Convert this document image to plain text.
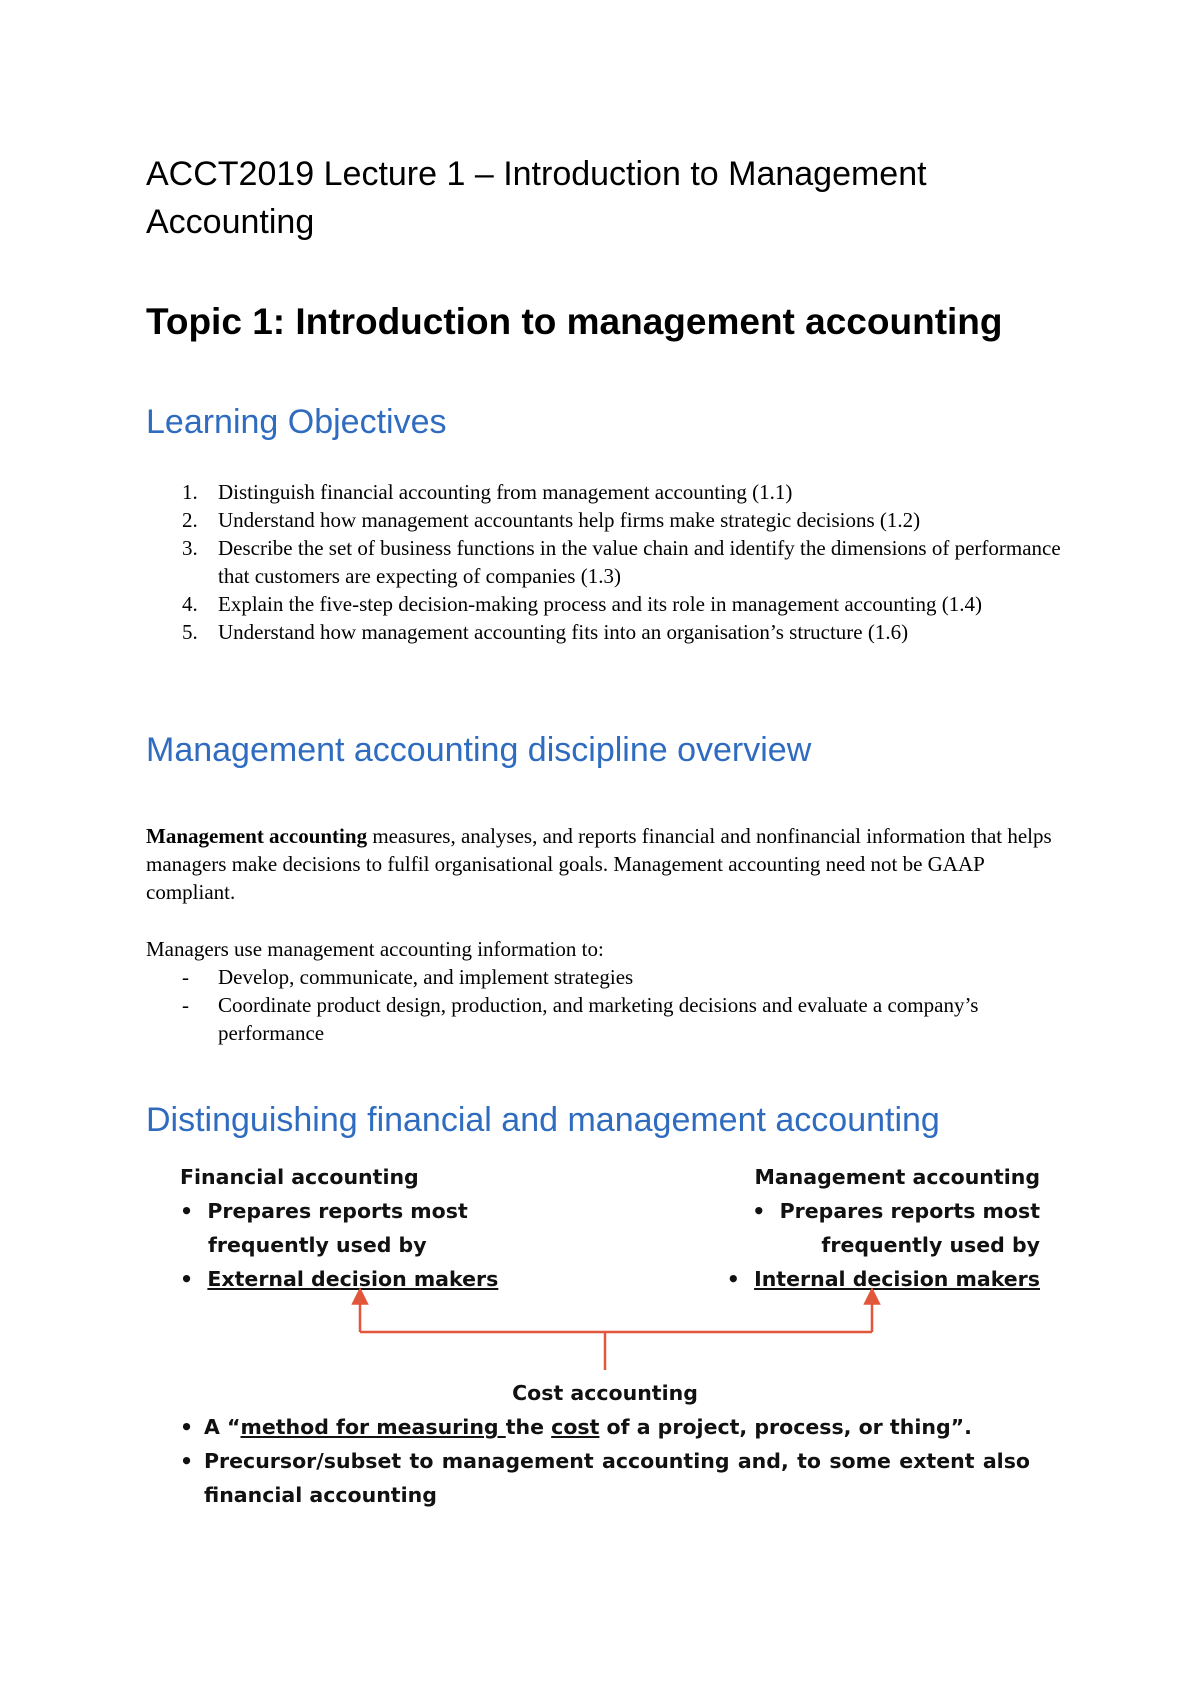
ACCT2019 Lecture 1 – Introduction to Management Accounting
Topic 1: Introduction to management accounting
Learning Objectives
1. Distinguish financial accounting from management accounting (1.1)
2. Understand how management accountants help firms make strategic decisions (1.2)
3. Describe the set of business functions in the value chain and identify the dimensions of performance that customers are expecting of companies (1.3)
4. Explain the five-step decision-making process and its role in management accounting (1.4)
5. Understand how management accounting fits into an organisation’s structure (1.6)
Management accounting discipline overview

Management accounting measures, analyses, and reports financial and nonfinancial information that helps managers make decisions to fulfil organisational goals. Management accounting need not be GAAP compliant.

Managers use management accounting information to:

- Develop, communicate, and implement strategies
- Coordinate product design, production, and marketing decisions and evaluate a company’s performance
Distinguishing financial and management accounting
Financial accounting
• Prepares reports most
frequently used by
• External decision makers
Management accounting
• Prepares reports most
frequently used by
• Internal decision makers
Cost accounting
• A “method for measuring the cost of a project, process, or thing”.
• Precursor/subset to management accounting and, to some extent also
financial accounting
